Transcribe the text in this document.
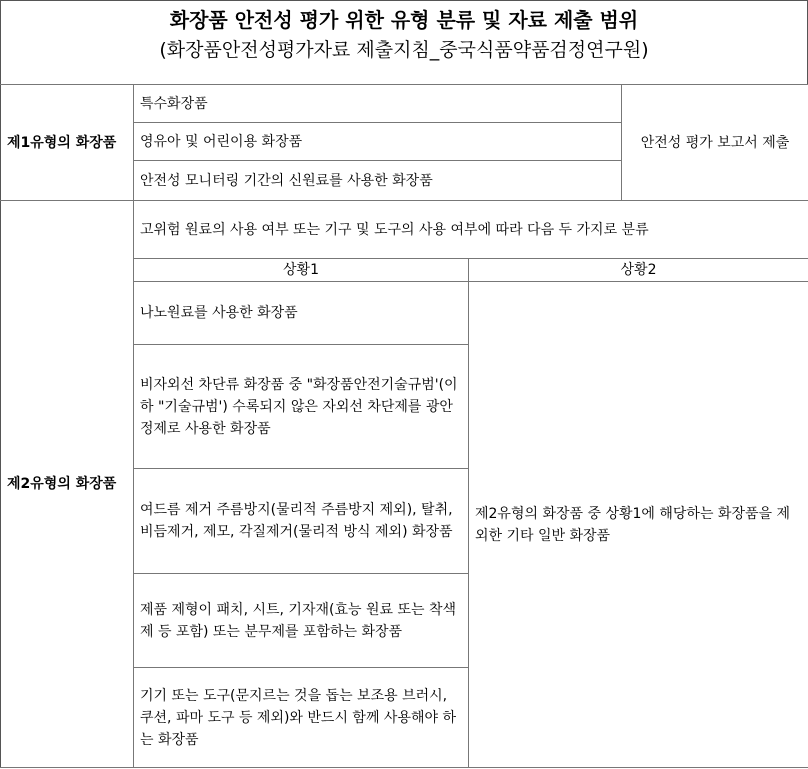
화장품 안전성 평가 위한 유형 분류 및 자료 제출 범위
(화장품안전성평가자료 제출지침_중국식품약품검정연구원)
제1유형의 화장품	특수화장품		안전성 평가 보고서 제출
	영유아 및 어린이용 화장품		
	안전성 모니터링 기간의 신원료를 사용한 화장품		
제2유형의 화장품	고위험 원료의 사용 여부 또는 기구 및 도구의 사용 여부에 따라 다음 두 가지로 분류		
	상황1	상황2	
	나노원료를 사용한 화장품	제2유형의 화장품 중 상황1에 해당하는 화장품을 제외한 기타 일반 화장품	
	비자외선 차단류 화장품 중 "화장품안전기술규범'(이하 "기술규범') 수록되지 않은 자외선 차단제를 광안정제로 사용한 화장품		
	여드름 제거 주름방지(물리적 주름방지 제외), 탈취, 비듬제거, 제모, 각질제거(물리적 방식 제외) 화장품		
	제품 제형이 패치, 시트, 기자재(효능 원료 또는 착색제 등 포함) 또는 분무제를 포함하는 화장품		
	기기 또는 도구(문지르는 것을 돕는 보조용 브러시, 쿠션, 파마 도구 등 제외)와 반드시 함께 사용해야 하는 화장품		
